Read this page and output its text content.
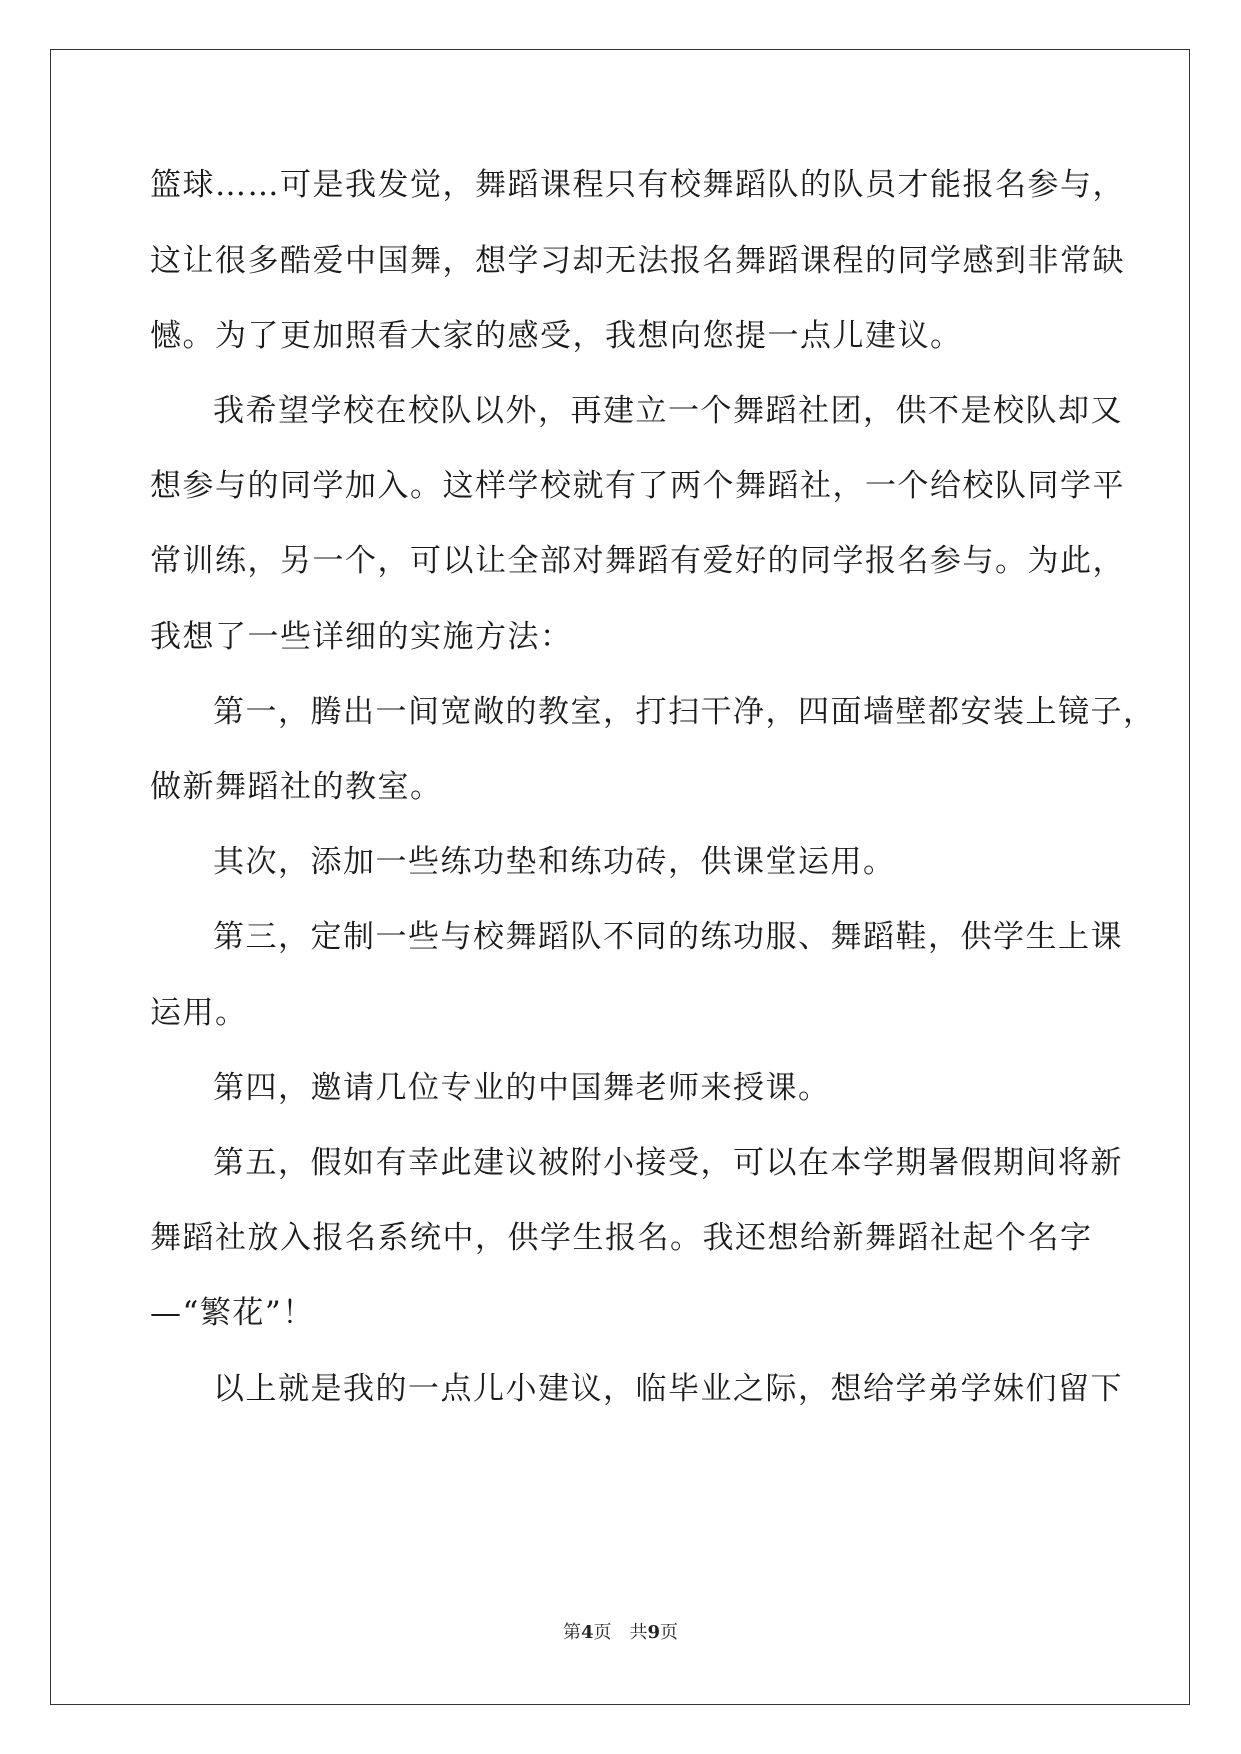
篮球……可是我发觉，舞蹈课程只有校舞蹈队的队员才能报名参与，
这让很多酷爱中国舞，想学习却无法报名舞蹈课程的同学感到非常缺
憾。为了更加照看大家的感受，我想向您提一点儿建议。
我希望学校在校队以外，再建立一个舞蹈社团，供不是校队却又
想参与的同学加入。这样学校就有了两个舞蹈社，一个给校队同学平
常训练，另一个，可以让全部对舞蹈有爱好的同学报名参与。为此，
我想了一些详细的实施方法：
第一，腾出一间宽敞的教室，打扫干净，四面墙壁都安装上镜子，
做新舞蹈社的教室。
其次，添加一些练功垫和练功砖，供课堂运用。
第三，定制一些与校舞蹈队不同的练功服、舞蹈鞋，供学生上课
运用。
第四，邀请几位专业的中国舞老师来授课。
第五，假如有幸此建议被附小接受，可以在本学期暑假期间将新
舞蹈社放入报名系统中，供学生报名。我还想给新舞蹈社起个名字
—“繁花”！
以上就是我的一点儿小建议，临毕业之际，想给学弟学妹们留下
第4页 共9页
